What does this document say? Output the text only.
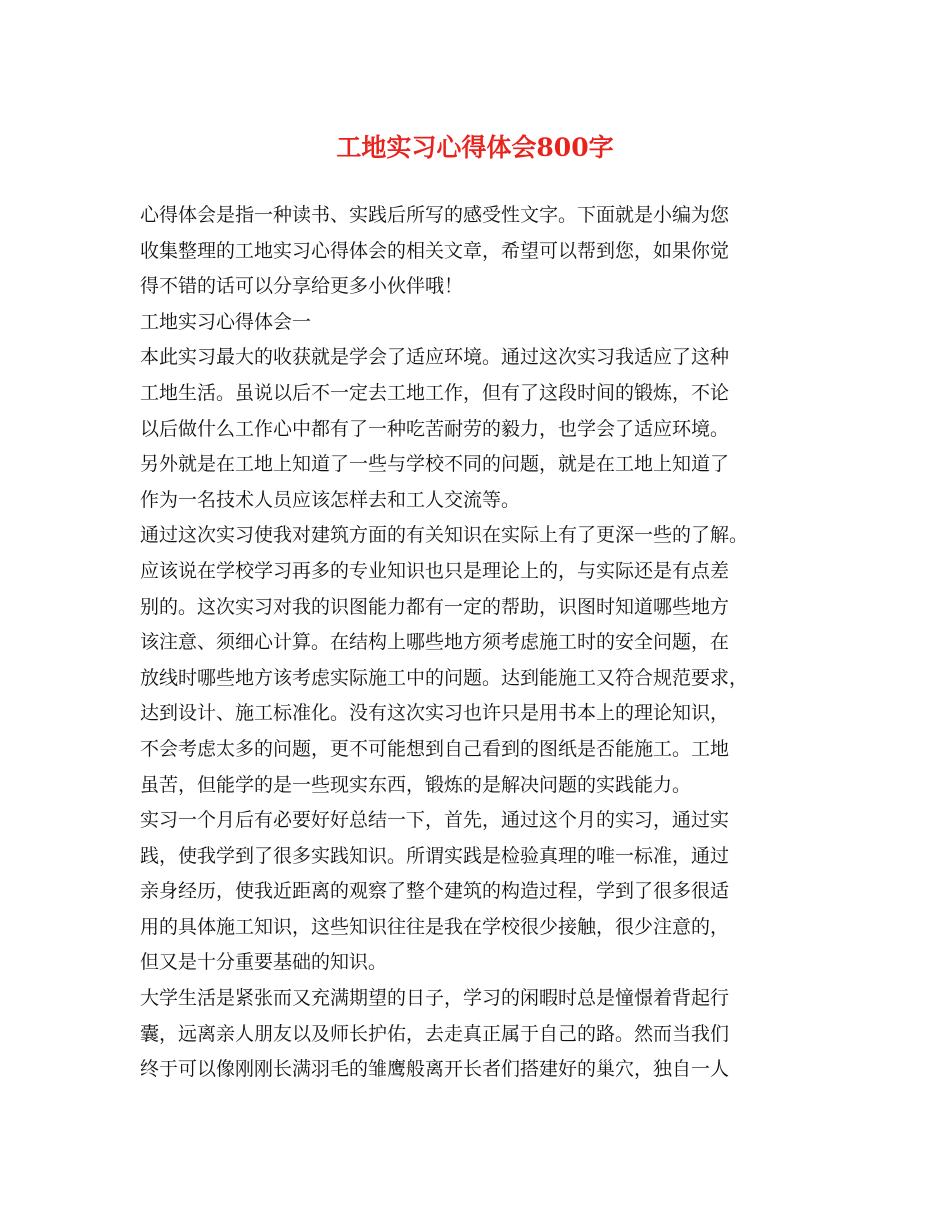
工地实习心得体会800字
心得体会是指一种读书、实践后所写的感受性文字。下面就是小编为您
收集整理的工地实习心得体会的相关文章，希望可以帮到您，如果你觉
得不错的话可以分享给更多小伙伴哦！
工地实习心得体会一
本此实习最大的收获就是学会了适应环境。通过这次实习我适应了这种
工地生活。虽说以后不一定去工地工作，但有了这段时间的锻炼，不论
以后做什么工作心中都有了一种吃苦耐劳的毅力，也学会了适应环境。
另外就是在工地上知道了一些与学校不同的问题，就是在工地上知道了
作为一名技术人员应该怎样去和工人交流等。
通过这次实习使我对建筑方面的有关知识在实际上有了更深一些的了解。
应该说在学校学习再多的专业知识也只是理论上的，与实际还是有点差
别的。这次实习对我的识图能力都有一定的帮助，识图时知道哪些地方
该注意、须细心计算。在结构上哪些地方须考虑施工时的安全问题，在
放线时哪些地方该考虑实际施工中的问题。达到能施工又符合规范要求，
达到设计、施工标准化。没有这次实习也许只是用书本上的理论知识，
不会考虑太多的问题，更不可能想到自己看到的图纸是否能施工。工地
虽苦，但能学的是一些现实东西，锻炼的是解决问题的实践能力。
实习一个月后有必要好好总结一下，首先，通过这个月的实习，通过实
践，使我学到了很多实践知识。所谓实践是检验真理的唯一标准，通过
亲身经历，使我近距离的观察了整个建筑的构造过程，学到了很多很适
用的具体施工知识，这些知识往往是我在学校很少接触，很少注意的，
但又是十分重要基础的知识。
大学生活是紧张而又充满期望的日子，学习的闲暇时总是憧憬着背起行
囊，远离亲人朋友以及师长护佑，去走真正属于自己的路。然而当我们
终于可以像刚刚长满羽毛的雏鹰般离开长者们搭建好的巢穴，独自一人
